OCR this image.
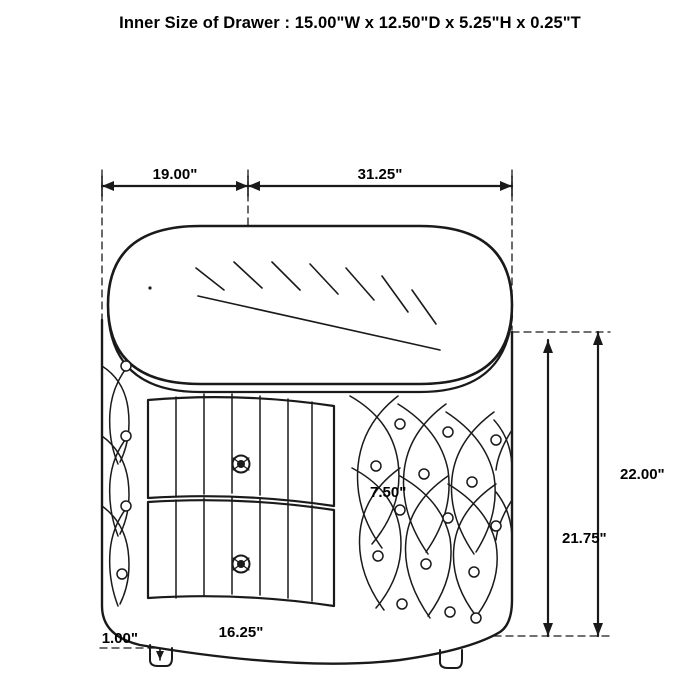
Inner Size of Drawer : 15.00"W x 12.50"D x 5.25"H x 0.25"T
19.00"	31.25"
7.50"
16.25"
22.00"
21.75"
1.00"
